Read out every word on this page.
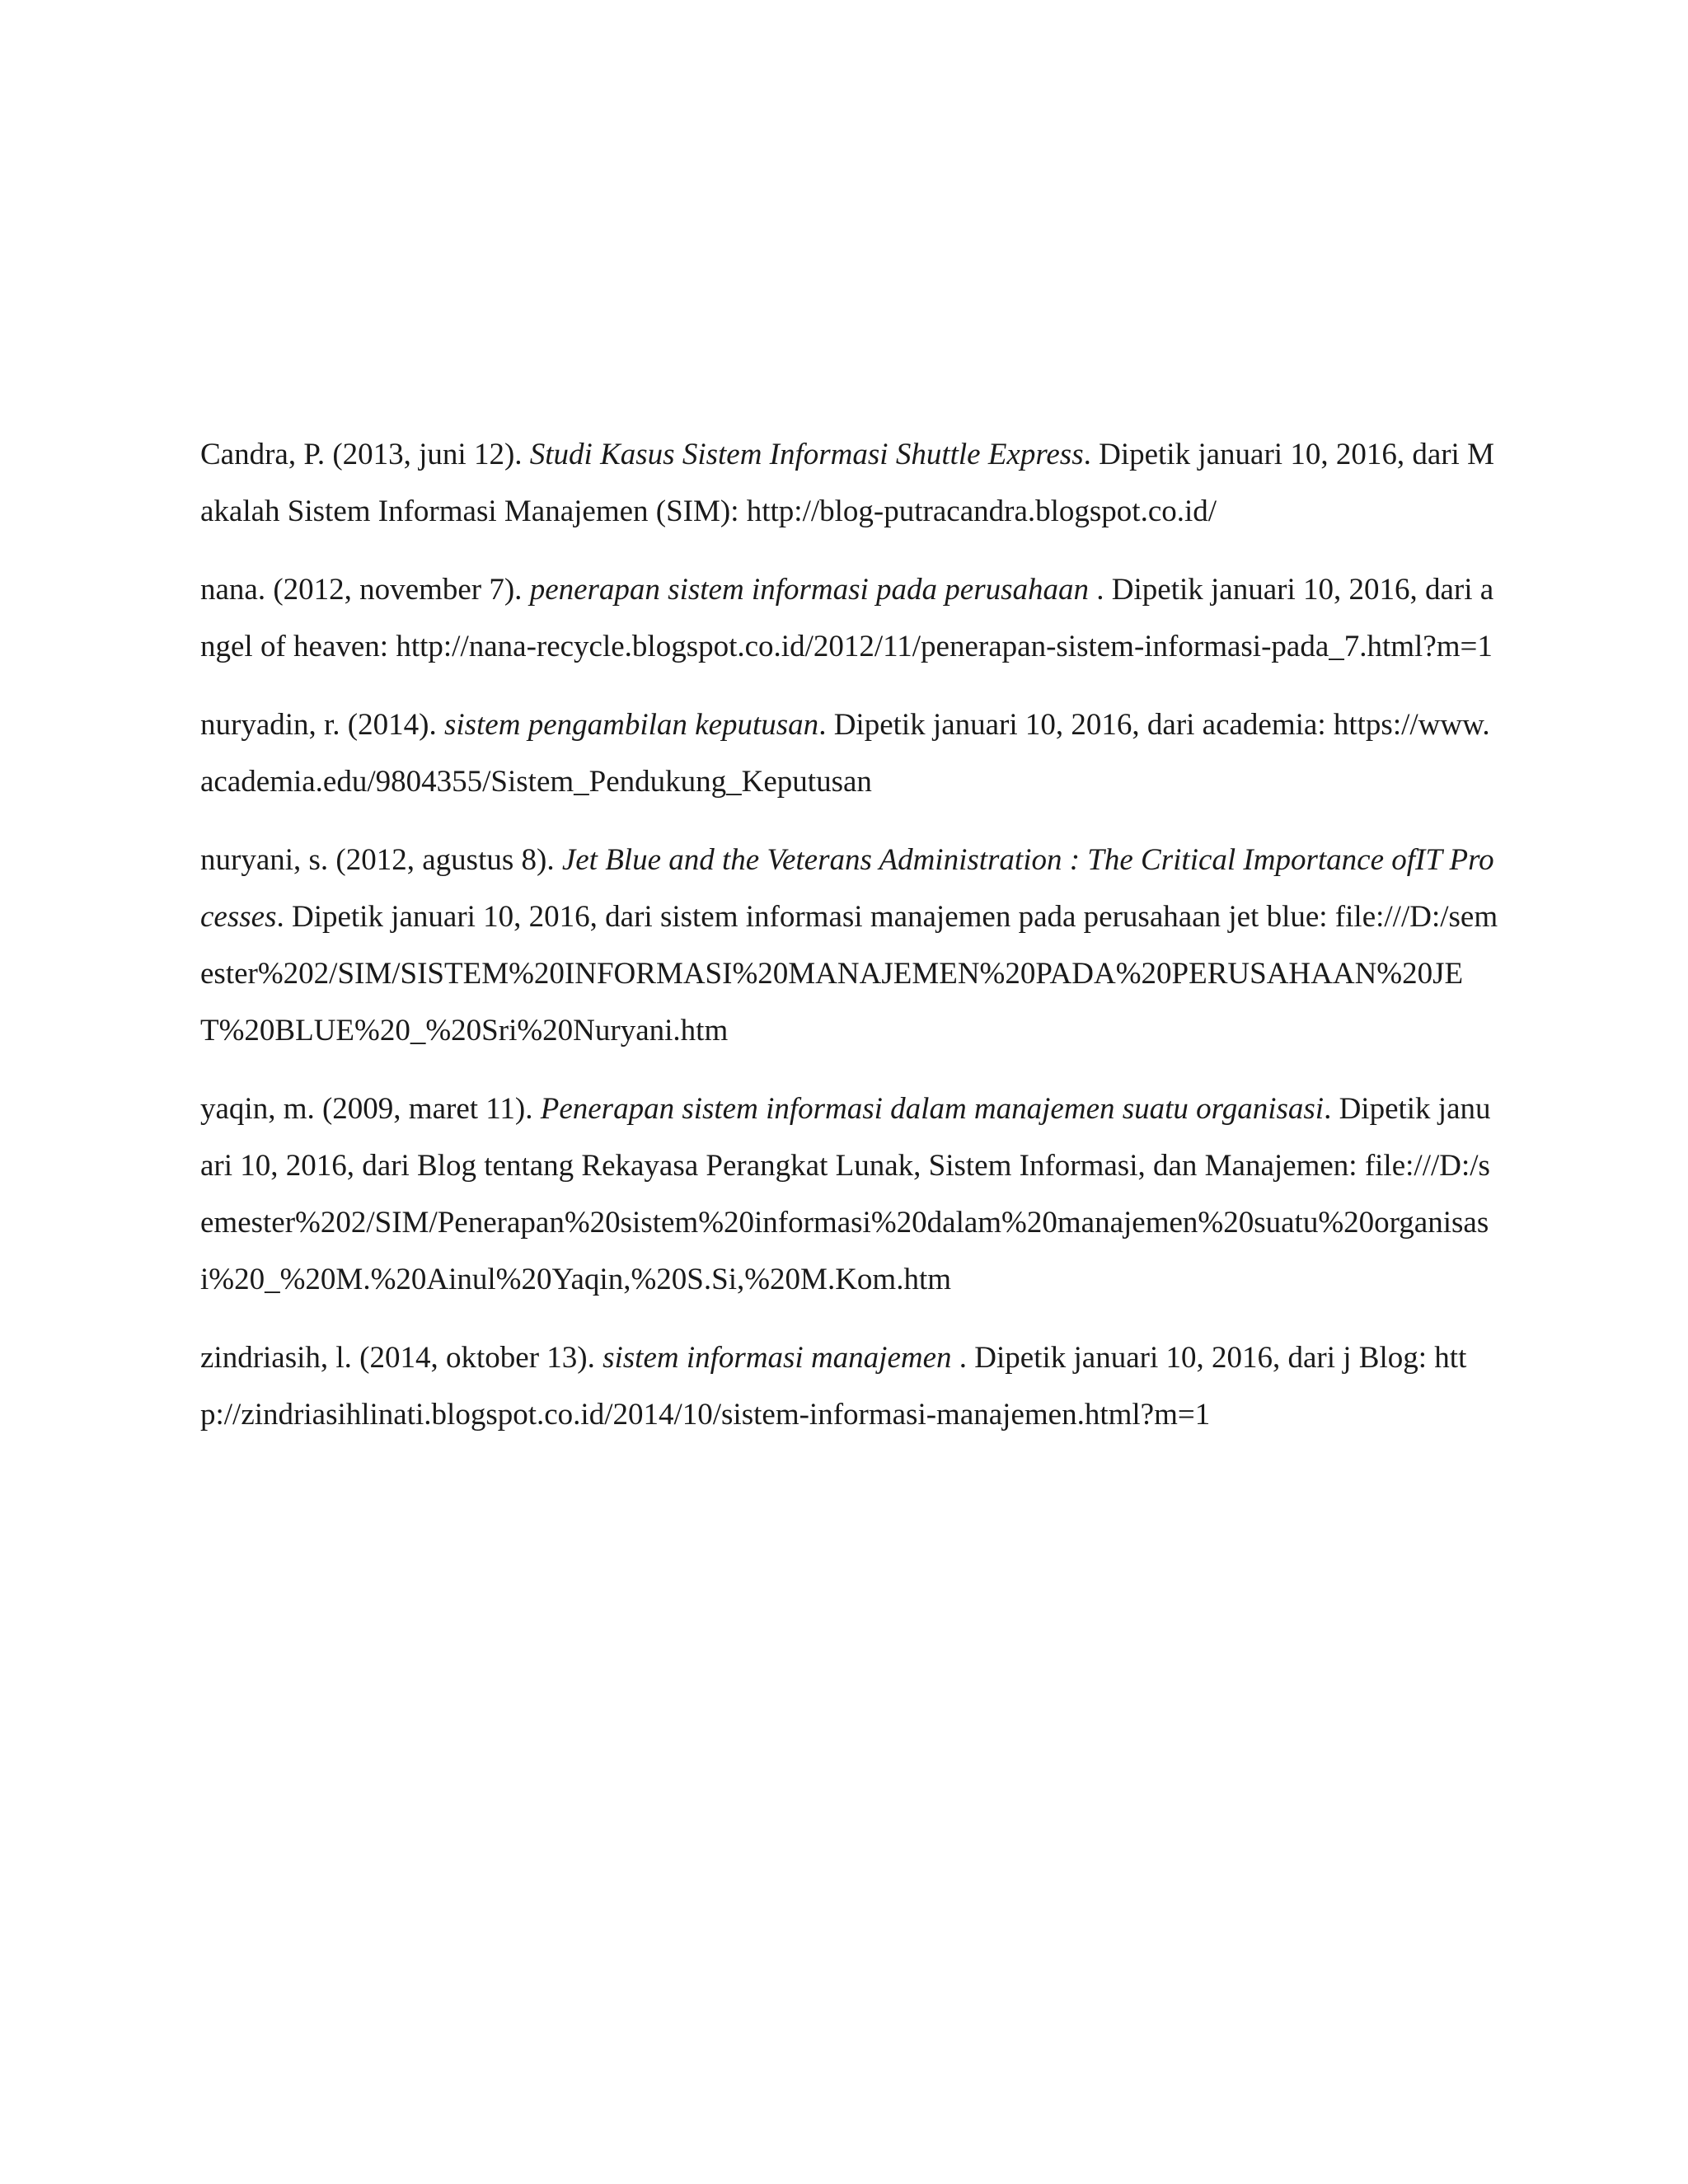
Candra, P. (2013, juni 12). Studi Kasus Sistem Informasi Shuttle Express. Dipetik januari 10, 2016, dari Makalah Sistem Informasi Manajemen (SIM): http://blog-putracandra.blogspot.co.id/

nana. (2012, november 7). penerapan sistem informasi pada perusahaan . Dipetik januari 10, 2016, dari angel of heaven: http://nana-recycle.blogspot.co.id/2012/11/penerapan-sistem-informasi-pada_7.html?m=1

nuryadin, r. (2014). sistem pengambilan keputusan. Dipetik januari 10, 2016, dari academia: https://www.academia.edu/9804355/Sistem_Pendukung_Keputusan

nuryani, s. (2012, agustus 8). Jet Blue and the Veterans Administration : The Critical Importance ofIT Processes. Dipetik januari 10, 2016, dari sistem informasi manajemen pada perusahaan jet blue: file:///D:/semester%202/SIM/SISTEM%20INFORMASI%20MANAJEMEN%20PADA%20PERUSAHAAN%20JET%20BLUE%20_%20Sri%20Nuryani.htm

yaqin, m. (2009, maret 11). Penerapan sistem informasi dalam manajemen suatu organisasi. Dipetik januari 10, 2016, dari Blog tentang Rekayasa Perangkat Lunak, Sistem Informasi, dan Manajemen: file:///D:/semester%202/SIM/Penerapan%20sistem%20informasi%20dalam%20manajemen%20suatu%20organisasi%20_%20M.%20Ainul%20Yaqin,%20S.Si,%20M.Kom.htm

zindriasih, l. (2014, oktober 13). sistem informasi manajemen . Dipetik januari 10, 2016, dari j Blog: http://zindriasihlinati.blogspot.co.id/2014/10/sistem-informasi-manajemen.html?m=1
